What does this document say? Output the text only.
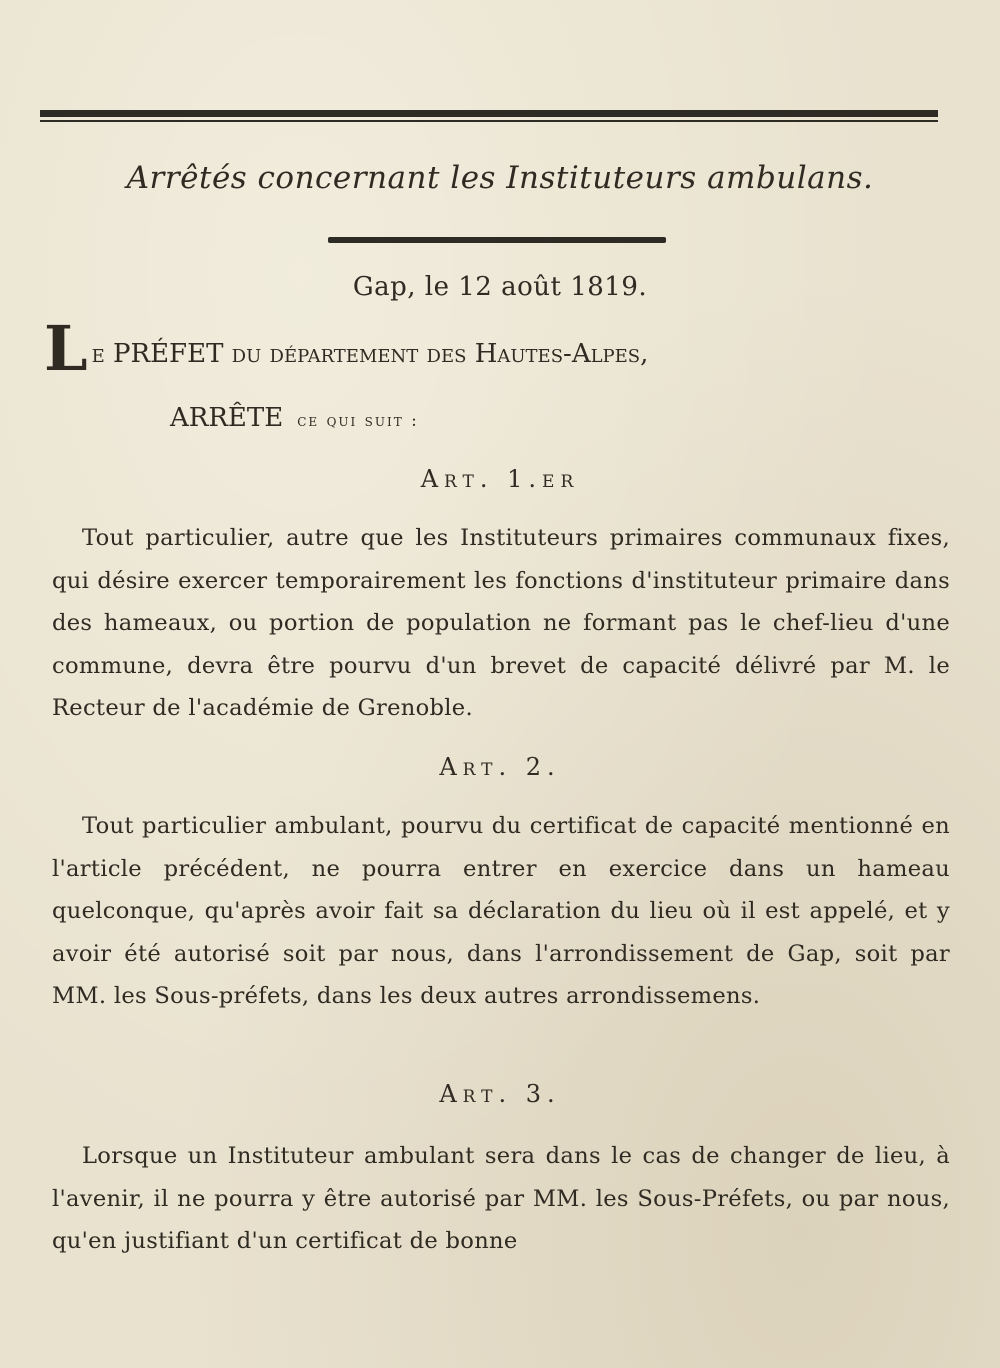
Arrêtés concernant les Instituteurs ambulans.
Gap, le 12 août 1819.
Le PRÉFET du département des Hautes-Alpes,
ARRÊTE ce qui suit :
Art. 1.er

Tout particulier, autre que les Instituteurs primaires communaux fixes, qui désire exercer temporairement les fonctions d'instituteur primaire dans des hameaux, ou portion de population ne formant pas le chef-lieu d'une commune, devra être pourvu d'un brevet de capacité délivré par M. le Recteur de l'académie de Grenoble.

Art. 2.

Tout particulier ambulant, pourvu du certificat de capacité mentionné en l'article précédent, ne pourra entrer en exercice dans un hameau quelconque, qu'après avoir fait sa déclaration du lieu où il est appelé, et y avoir été autorisé soit par nous, dans l'arrondissement de Gap, soit par MM. les Sous-préfets, dans les deux autres arrondissemens.

Art. 3.

Lorsque un Instituteur ambulant sera dans le cas de changer de lieu, à l'avenir, il ne pourra y être autorisé par MM. les Sous-Préfets, ou par nous, qu'en justifiant d'un certificat de bonne
